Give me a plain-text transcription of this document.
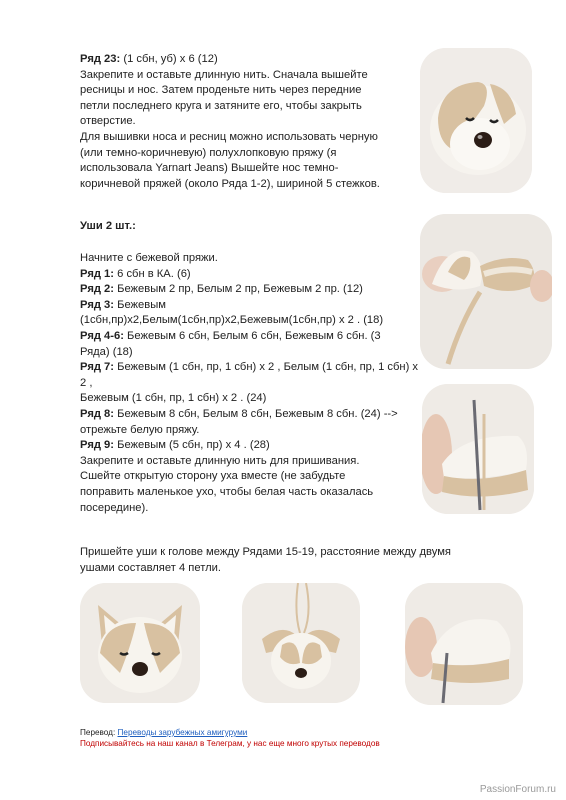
Ряд 23: (1 сбн, уб) х 6 (12)

Закрепите и оставьте длинную нить. Сначала вышейте

ресницы и нос. Затем проденьте нить через передние

петли последнего круга и затяните его, чтобы закрыть

отверстие.

Для вышивки носа и ресниц можно использовать черную

(или темно-коричневую) полухлопковую пряжу (я

использовала Yarnart Jeans) Вышейте нос темно-

коричневой пряжей (около Ряда 1-2), шириной 5 стежков.

Уши 2 шт.:

Начните с бежевой пряжи.

Ряд 1: 6 сбн в КА. (6)

Ряд 2: Бежевым 2 пр, Белым 2 пр, Бежевым 2 пр. (12)

Ряд 3: Бежевым

(1сбн,пр)х2,Белым(1сбн,пр)х2,Бежевым(1сбн,пр) х 2 . (18)

Ряд 4-6: Бежевым 6 сбн, Белым 6 сбн, Бежевым 6 сбн. (3

Ряда) (18)

Ряд 7: Бежевым (1 сбн, пр, 1 сбн) х 2 , Белым (1 сбн, пр, 1 сбн) х

2 ,

Бежевым (1 сбн, пр, 1 сбн) х 2 . (24)

Ряд 8: Бежевым 8 сбн, Белым 8 сбн, Бежевым 8 сбн. (24) -->

отрежьте белую пряжу.

Ряд 9: Бежевым (5 сбн, пр) х 4 . (28)

Закрепите и оставьте длинную нить для пришивания.

Сшейте открытую сторону уха вместе (не забудьте

поправить маленькое ухо, чтобы белая часть оказалась

посередине).

Пришейте уши к голове между Рядами 15-19, расстояние между двумя

ушами составляет 4 петли.

Перевод: Переводы зарубежных амигуруми
Подписывайтесь на наш канал в Телеграм, у нас еще много крутых переводов
PassionForum.ru
